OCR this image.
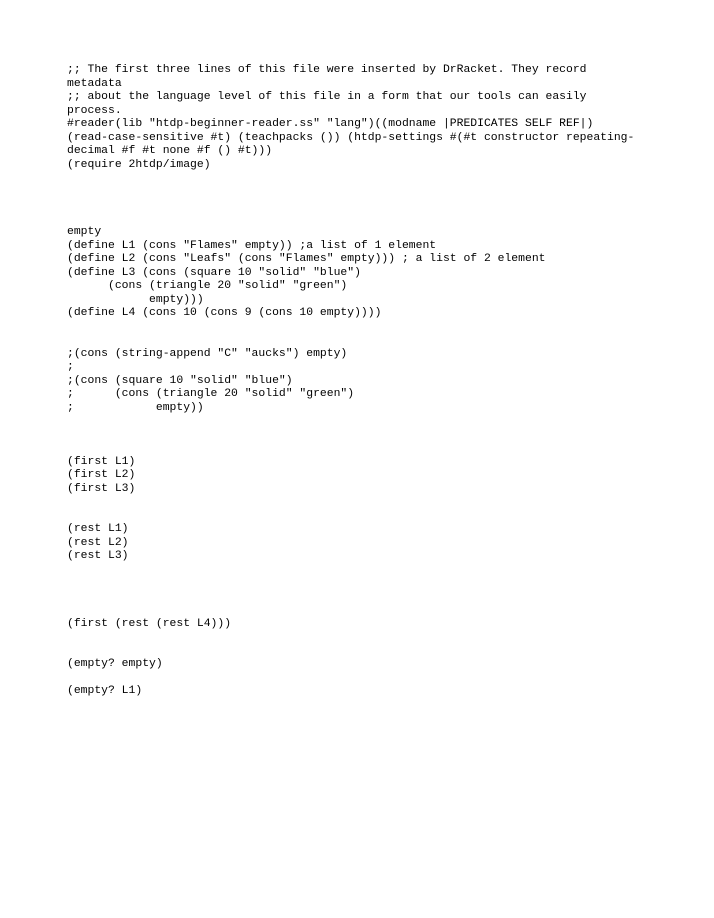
;; The first three lines of this file were inserted by DrRacket. They record
metadata
;; about the language level of this file in a form that our tools can easily
process.
#reader(lib "htdp-beginner-reader.ss" "lang")((modname |PREDICATES SELF REF|)
(read-case-sensitive #t) (teachpacks ()) (htdp-settings #(#t constructor repeating-
decimal #f #t none #f () #t)))
(require 2htdp/image)
empty
(define L1 (cons "Flames" empty)) ;a list of 1 element
(define L2 (cons "Leafs" (cons "Flames" empty))) ; a list of 2 element
(define L3 (cons (square 10 "solid" "blue")
(cons (triangle 20 "solid" "green")
empty)))
(define L4 (cons 10 (cons 9 (cons 10 empty))))
;(cons (string-append "C" "aucks") empty)
;
;(cons (square 10 "solid" "blue")
;      (cons (triangle 20 "solid" "green")
;            empty))
(first L1)
(first L2)
(first L3)
(rest L1)
(rest L2)
(rest L3)
(first (rest (rest L4)))
(empty? empty)
(empty? L1)
